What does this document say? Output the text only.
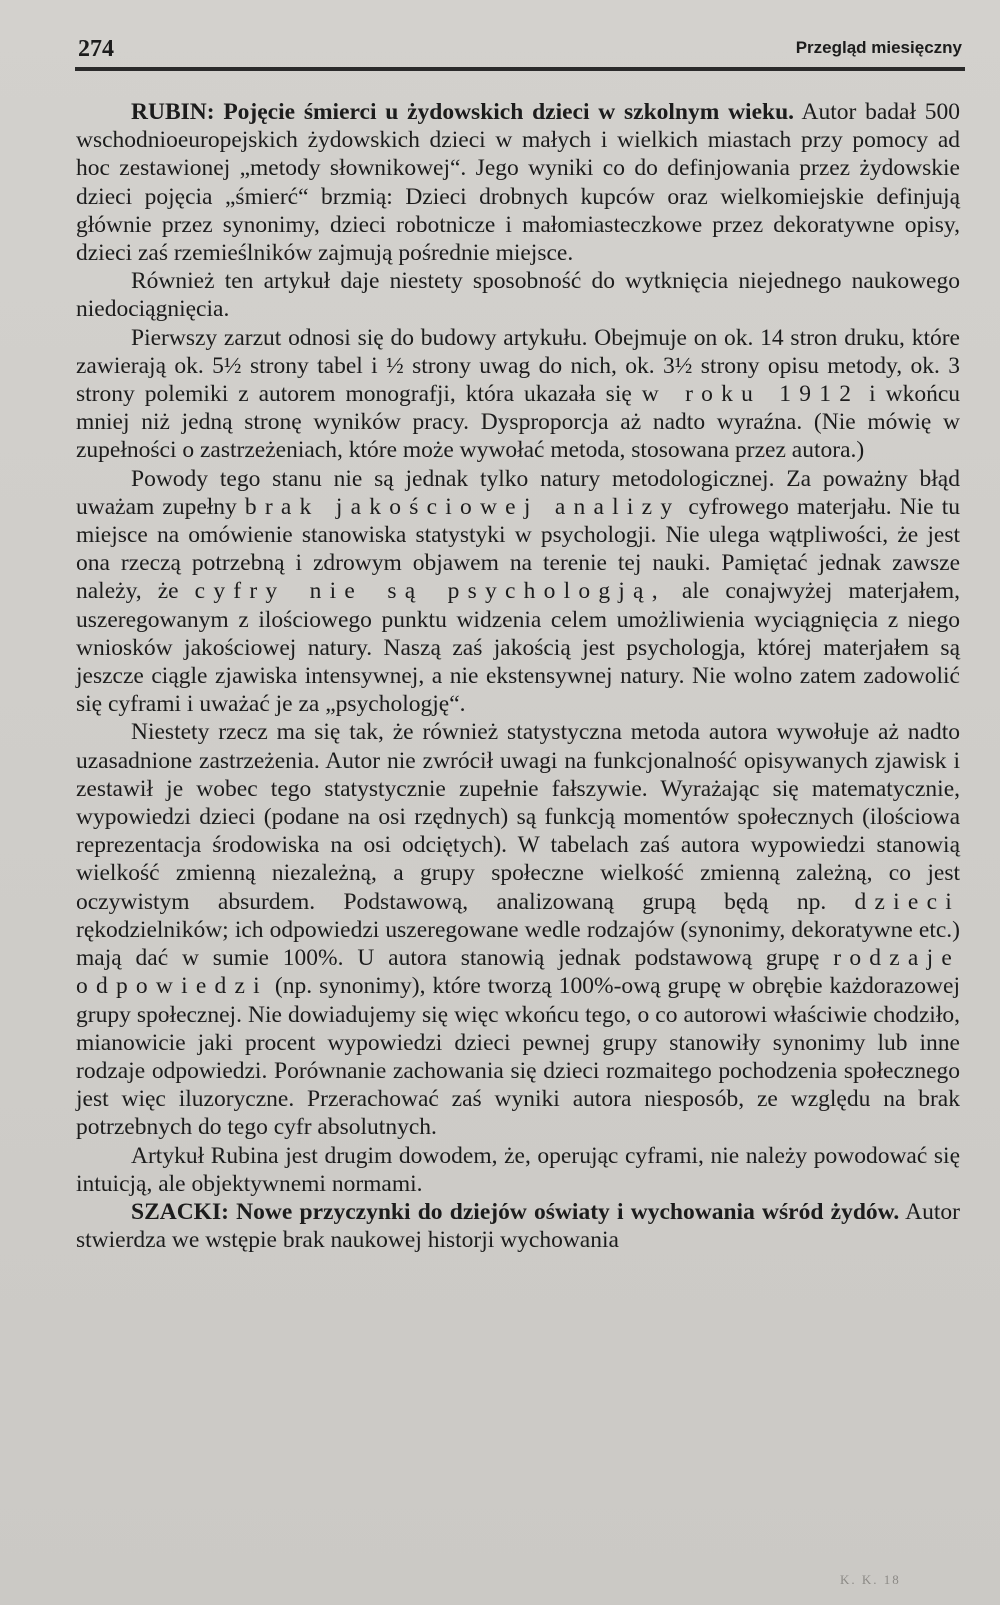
274	Przegląd miesięczny

RUBIN: Pojęcie śmierci u żydowskich dzieci w szkolnym wieku. Autor badał 500 wschodnioeuropejskich żydowskich dzieci w małych i wielkich miastach przy pomocy ad hoc zestawionej „metody słownikowej“. Jego wyniki co do definjowania przez żydowskie dzieci pojęcia „śmierć“ brzmią: Dzieci drobnych kupców oraz wielkomiejskie definjują głównie przez synonimy, dzieci robotnicze i małomiasteczkowe przez dekoratywne opisy, dzieci zaś rzemieślników zajmują pośrednie miejsce.

Również ten artykuł daje niestety sposobność do wytknięcia niejednego naukowego niedociągnięcia.

Pierwszy zarzut odnosi się do budowy artykułu. Obejmuje on ok. 14 stron druku, które zawierają ok. 5½ strony tabel i ½ strony uwag do nich, ok. 3½ strony opisu metody, ok. 3 strony polemiki z autorem monografji, która ukazała się w roku 1912 i wkońcu mniej niż jedną stronę wyników pracy. Dysproporcja aż nadto wyraźna. (Nie mówię w zupełności o zastrzeżeniach, które może wywołać metoda, stosowana przez autora.)

Powody tego stanu nie są jednak tylko natury metodologicznej. Za poważny błąd uważam zupełny brak jakościowej analizy cyfrowego materjału. Nie tu miejsce na omówienie stanowiska statystyki w psychologji. Nie ulega wątpliwości, że jest ona rzeczą potrzebną i zdrowym objawem na terenie tej nauki. Pamiętać jednak zawsze należy, że cyfry nie są psychologją, ale conajwyżej materjałem, uszeregowanym z ilościowego punktu widzenia celem umożliwienia wyciągnięcia z niego wniosków jakościowej natury. Naszą zaś jakością jest psychologja, której materjałem są jeszcze ciągle zjawiska intensywnej, a nie ekstensywnej natury. Nie wolno zatem zadowolić się cyframi i uważać je za „psychologję“.

Niestety rzecz ma się tak, że również statystyczna metoda autora wywołuje aż nadto uzasadnione zastrzeżenia. Autor nie zwrócił uwagi na funkcjonalność opisywanych zjawisk i zestawił je wobec tego statystycznie zupełnie fałszywie. Wyrażając się matematycznie, wypowiedzi dzieci (podane na osi rzędnych) są funkcją momentów społecznych (ilościowa reprezentacja środowiska na osi odciętych). W tabelach zaś autora wypowiedzi stanowią wielkość zmienną niezależną, a grupy społeczne wielkość zmienną zależną, co jest oczywistym absurdem. Podstawową, analizowaną grupą będą np. dzieci rękodzielników; ich odpowiedzi uszeregowane wedle rodzajów (synonimy, dekoratywne etc.) mają dać w sumie 100%. U autora stanowią jednak podstawową grupę rodzaje odpowiedzi (np. synonimy), które tworzą 100%-ową grupę w obrębie każdorazowej grupy społecznej. Nie dowiadujemy się więc wkońcu tego, o co autorowi właściwie chodziło, mianowicie jaki procent wypowiedzi dzieci pewnej grupy stanowiły synonimy lub inne rodzaje odpowiedzi. Porównanie zachowania się dzieci rozmaitego pochodzenia społecznego jest więc iluzoryczne. Przerachować zaś wyniki autora niesposób, ze względu na brak potrzebnych do tego cyfr absolutnych.

Artykuł Rubina jest drugim dowodem, że, operując cyframi, nie należy powodować się intuicją, ale objektywnemi normami.

SZACKI: Nowe przyczynki do dziejów oświaty i wychowania wśród żydów. Autor stwierdza we wstępie brak naukowej historji wychowania

K. K. 18
